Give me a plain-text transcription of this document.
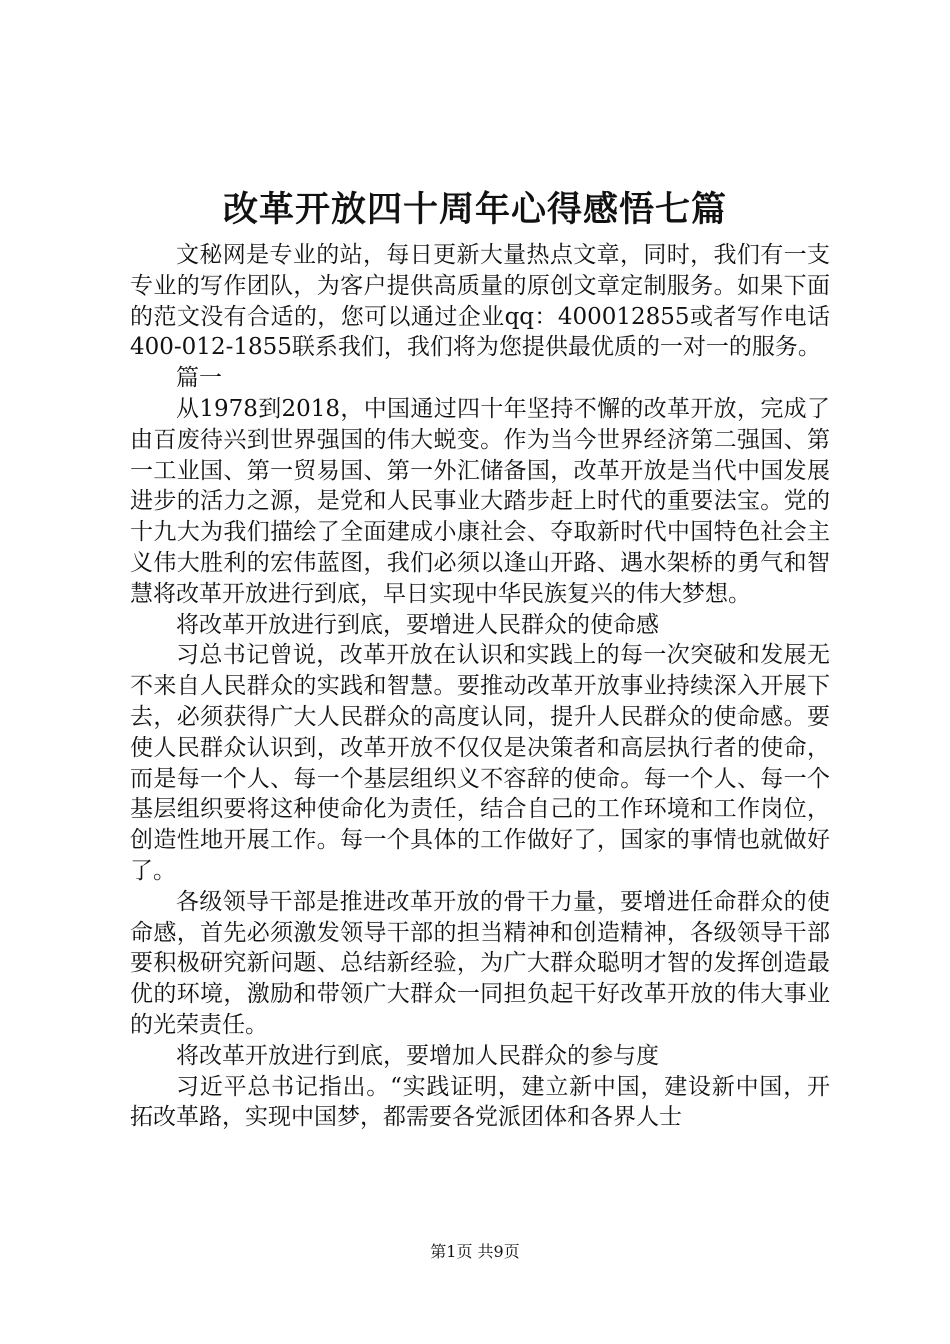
改革开放四十周年心得感悟七篇

文秘网是专业的站，每日更新大量热点文章，同时，我们有一支专业的写作团队，为客户提供高质量的原创文章定制服务。如果下面的范文没有合适的，您可以通过企业qq：400012855或者写作电话400-012-1855联系我们，我们将为您提供最优质的一对一的服务。

篇一

从1978到2018，中国通过四十年坚持不懈的改革开放，完成了由百废待兴到世界强国的伟大蜕变。作为当今世界经济第二强国、第一工业国、第一贸易国、第一外汇储备国，改革开放是当代中国发展进步的活力之源，是党和人民事业大踏步赶上时代的重要法宝。党的十九大为我们描绘了全面建成小康社会、夺取新时代中国特色社会主义伟大胜利的宏伟蓝图，我们必须以逢山开路、遇水架桥的勇气和智慧将改革开放进行到底，早日实现中华民族复兴的伟大梦想。

将改革开放进行到底，要增进人民群众的使命感

习总书记曾说，改革开放在认识和实践上的每一次突破和发展无不来自人民群众的实践和智慧。要推动改革开放事业持续深入开展下去，必须获得广大人民群众的高度认同，提升人民群众的使命感。要使人民群众认识到，改革开放不仅仅是决策者和高层执行者的使命，而是每一个人、每一个基层组织义不容辞的使命。每一个人、每一个基层组织要将这种使命化为责任，结合自己的工作环境和工作岗位，创造性地开展工作。每一个具体的工作做好了，国家的事情也就做好了。

各级领导干部是推进改革开放的骨干力量，要增进任命群众的使命感，首先必须激发领导干部的担当精神和创造精神，各级领导干部要积极研究新问题、总结新经验，为广大群众聪明才智的发挥创造最优的环境，激励和带领广大群众一同担负起干好改革开放的伟大事业的光荣责任。

将改革开放进行到底，要增加人民群众的参与度

习近平总书记指出。“实践证明，建立新中国，建设新中国，开拓改革路，实现中国梦，都需要各党派团体和各界人士

第1页 共9页
